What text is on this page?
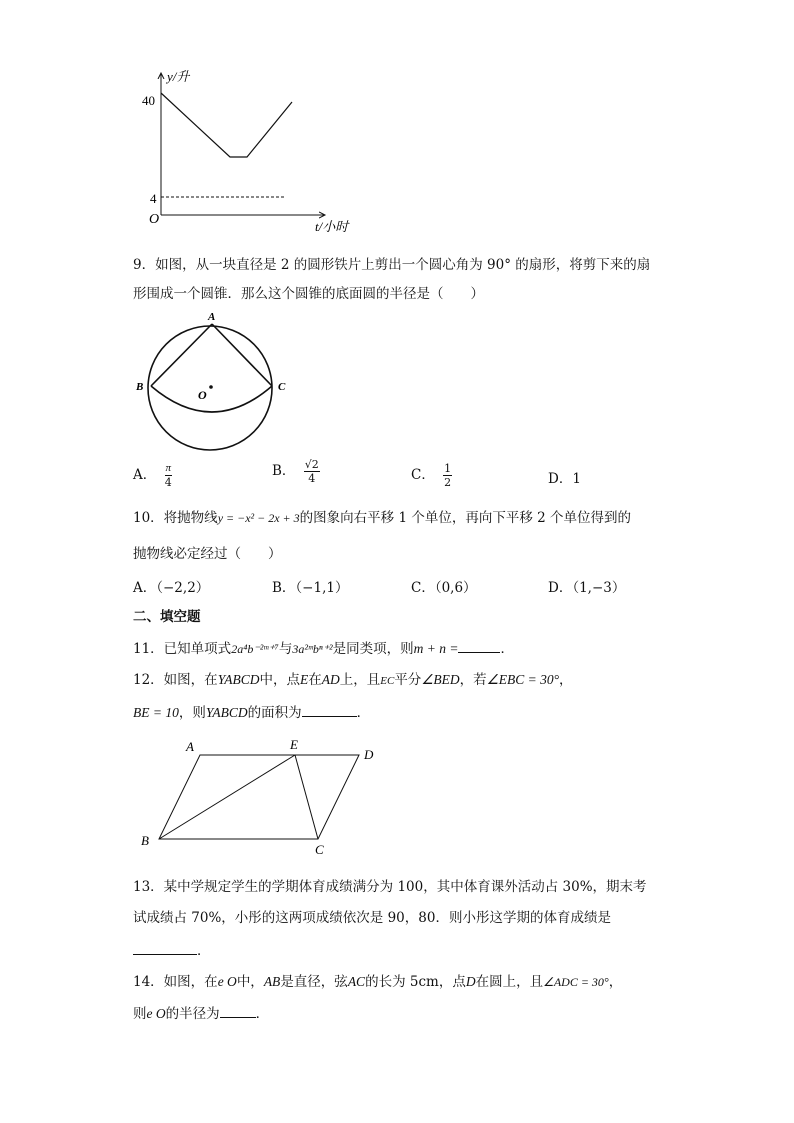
y/升
40
4
O	t/小时
9．如图，从一块直径是 2 的圆形铁片上剪出一个圆心角为 90° 的扇形，将剪下来的扇
形围成一个圆锥．那么这个圆锥的底面圆的半径是（　　）
A
B	C
O
A． $\frac{\pi}{4}$	B． $\frac{√2}{4}$	C． $\frac{1}{2}$	D．1
10．将抛物线y = −x² − 2x + 3的图象向右平移 1 个单位，再向下平移 2 个单位得到的
抛物线必定经过（　　）
A．（−2,2）	B．（−1,1）	C．（0,6）	D．（1,−3）
二、填空题
11．已知单项式2a⁴b⁻²ᵐ⁺⁷与3a²ᵐbⁿ⁺²是同类项，则m + n =	．
12．如图，在YABCD中，点E在AD上，且EC平分∠BED，若∠EBC = 30°，
BE = 10，则YABCD的面积为	．
A	E
D
B
C
13．某中学规定学生的学期体育成绩满分为 100，其中体育课外活动占 30%，期末考
试成绩占 70%，小彤的这两项成绩依次是 90，80．则小彤这学期的体育成绩是
．
14．如图，在e O中，AB是直径，弦AC的长为 5cm，点D在圆上，且∠ADC = 30°，
则e O的半径为	．
